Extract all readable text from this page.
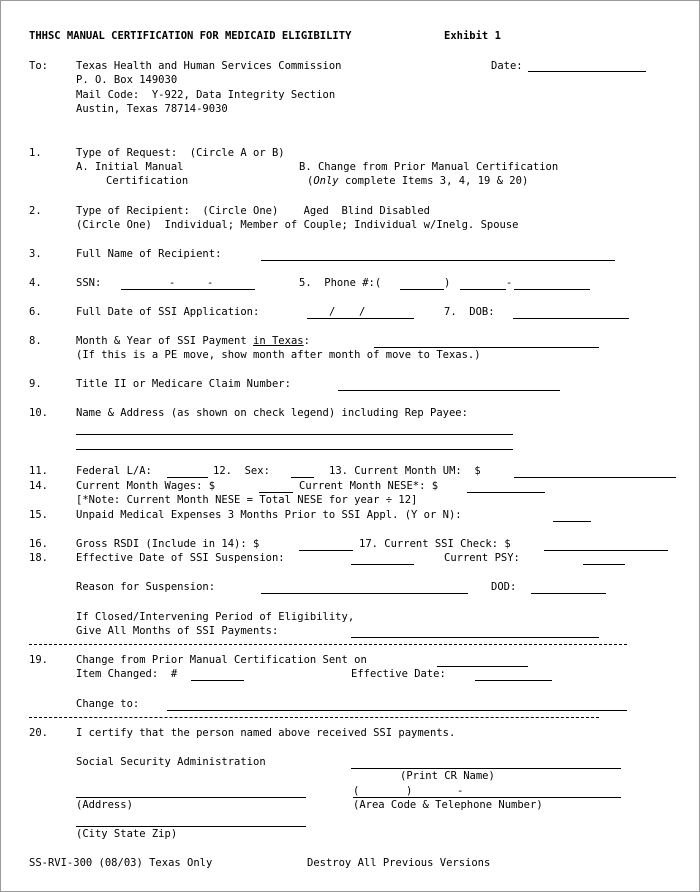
THHSC MANUAL CERTIFICATION FOR MEDICAID ELIGIBILITY	Exhibit 1
To:	Texas Health and Human Services Commission
P. O. Box 149030
Mail Code:  Y-922, Data Integrity Section
Austin, Texas 78714-9030
Date:
1.	Type of Request:  (Circle A or B)
A. Initial Manual
Certification
B. Change from Prior Manual Certification
(Only complete Items 3, 4, 19 & 20)
2.	Type of Recipient:  (Circle One)    Aged  Blind Disabled
(Circle One)  Individual; Member of Couple; Individual w/Inelg. Spouse
3.	Full Name of Recipient:
4.	SSN:	-	-	5.  Phone #:(	)	-
6.	Full Date of SSI Application:	/ /	7.  DOB:
8.	Month & Year of SSI Payment in Texas:
(If this is a PE move, show month after month of move to Texas.)
9.	Title II or Medicare Claim Number:
10.	Name & Address (as shown on check legend) including Rep Payee:
11.	Federal L/A:	12.  Sex:	13. Current Month UM:  $
14.	Current Month Wages: $	Current Month NESE*: $
[*Note: Current Month NESE = Total NESE for year ÷ 12]
15.	Unpaid Medical Expenses 3 Months Prior to SSI Appl. (Y or N):
16.	Gross RSDI (Include in 14): $	17. Current SSI Check: $
18.	Effective Date of SSI Suspension:	Current PSY:
Reason for Suspension:	DOD:
If Closed/Intervening Period of Eligibility,
Give All Months of SSI Payments:
19.	Change from Prior Manual Certification Sent on
Item Changed:  #	Effective Date:
Change to:
20.	I certify that the person named above received SSI payments.
Social Security Administration
(Print CR Name)
(	)	-
(Address)	(Area Code & Telephone Number)
(City State Zip)
SS-RVI-300 (08/03) Texas Only	Destroy All Previous Versions
